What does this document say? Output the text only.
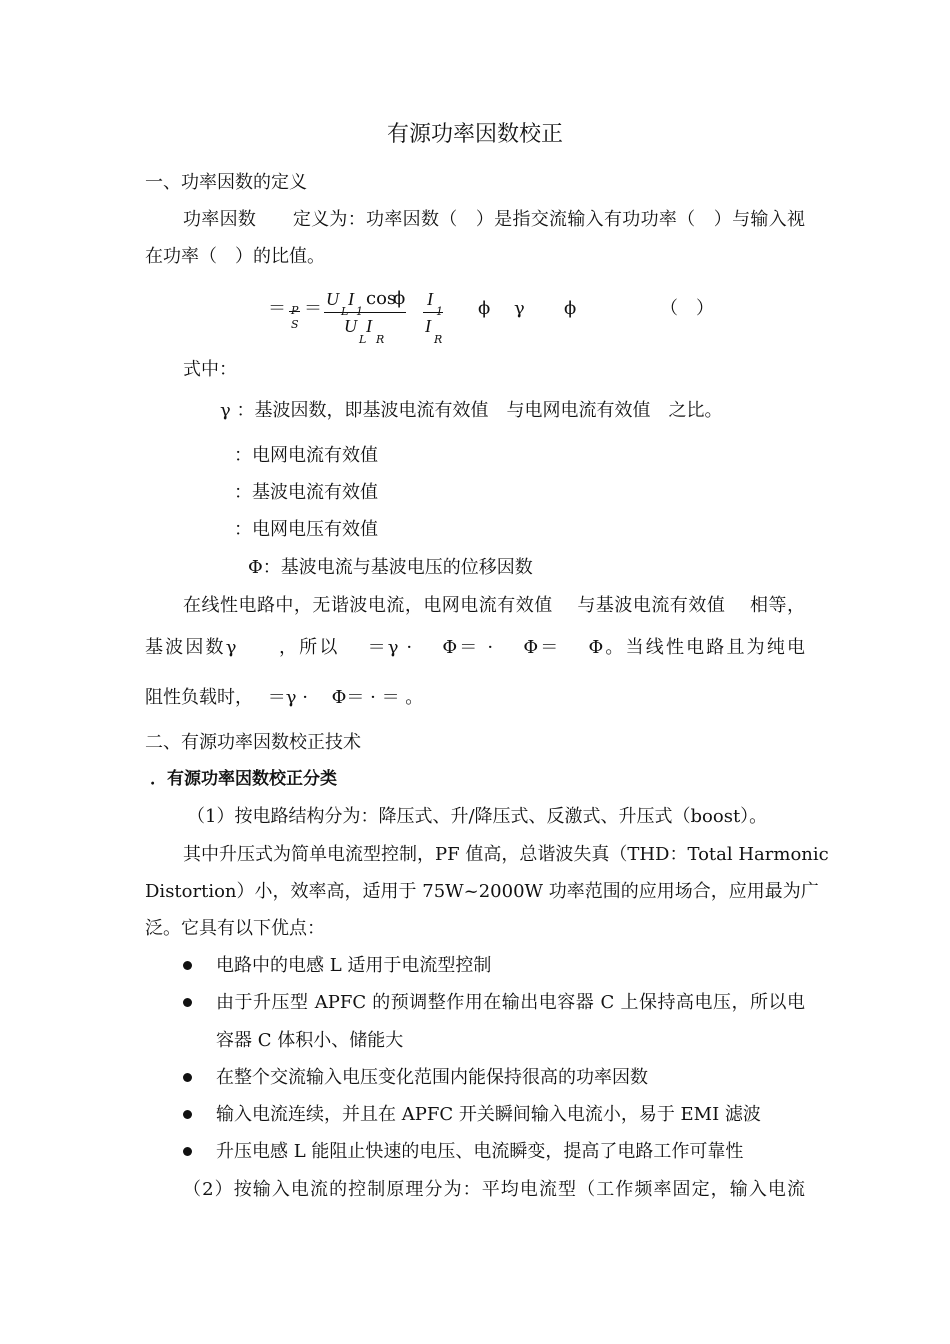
有源功率因数校正
一、功率因数的定义
功率因数　　定义为：功率因数（　）是指交流输入有功功率（　）与输入视
在功率（　）的比值。
＝
S
＝ U I cos
ϕ
U I
L R
I
I
R
ϕ γ ϕ	（　）
式中：
γ ：基波因数，即基波电流有效值　与电网电流有效值　之比。
：电网电流有效值
：基波电流有效值
：电网电压有效值
Φ：基波电流与基波电压的位移因数
在线性电路中，无谐波电流，电网电流有效值　 与基波电流有效值　 相等，
基波因数γ　　，所以　 ＝γ ·　 Φ＝ ·　 Φ＝　 Φ。当线性电路且为纯电
阻性负载时，　 ＝γ ·　 Φ＝ · ＝ 。
二、有源功率因数校正技术
．有源功率因数校正分类
（1）按电路结构分为：降压式、升/降压式、反激式、升压式（boost）。
其中升压式为简单电流型控制，PF 值高，总谐波失真（THD：Total Harmonic
Distortion）小，效率高，适用于 75W~2000W 功率范围的应用场合，应用最为广
泛。它具有以下优点：
电路中的电感 L 适用于电流型控制
由于升压型 APFC 的预调整作用在输出电容器 C 上保持高电压，所以电
容器 C 体积小、储能大
在整个交流输入电压变化范围内能保持很高的功率因数
输入电流连续，并且在 APFC 开关瞬间输入电流小，易于 EMI 滤波
升压电感 L 能阻止快速的电压、电流瞬变，提高了电路工作可靠性
（2）按输入电流的控制原理分为：平均电流型（工作频率固定，输入电流
